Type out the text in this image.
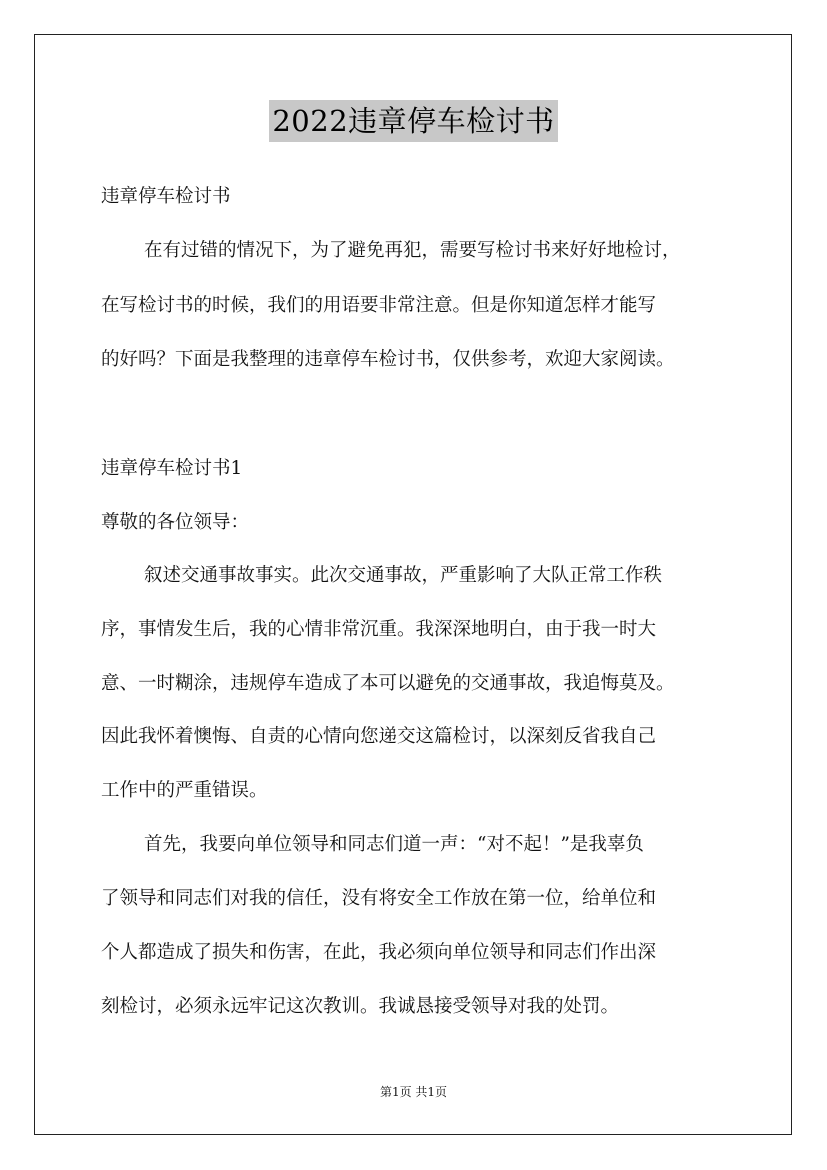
2022违章停车检讨书
违章停车检讨书
在有过错的情况下，为了避免再犯，需要写检讨书来好好地检讨，
在写检讨书的时候，我们的用语要非常注意。但是你知道怎样才能写
的好吗？下面是我整理的违章停车检讨书，仅供参考，欢迎大家阅读。
违章停车检讨书1
尊敬的各位领导：
叙述交通事故事实。此次交通事故，严重影响了大队正常工作秩
序，事情发生后，我的心情非常沉重。我深深地明白，由于我一时大
意、一时糊涂，违规停车造成了本可以避免的交通事故，我追悔莫及。
因此我怀着懊悔、自责的心情向您递交这篇检讨，以深刻反省我自己
工作中的严重错误。
首先，我要向单位领导和同志们道一声：“对不起！”是我辜负
了领导和同志们对我的信任，没有将安全工作放在第一位，给单位和
个人都造成了损失和伤害，在此，我必须向单位领导和同志们作出深
刻检讨，必须永远牢记这次教训。我诚恳接受领导对我的处罚。
第1页 共1页
